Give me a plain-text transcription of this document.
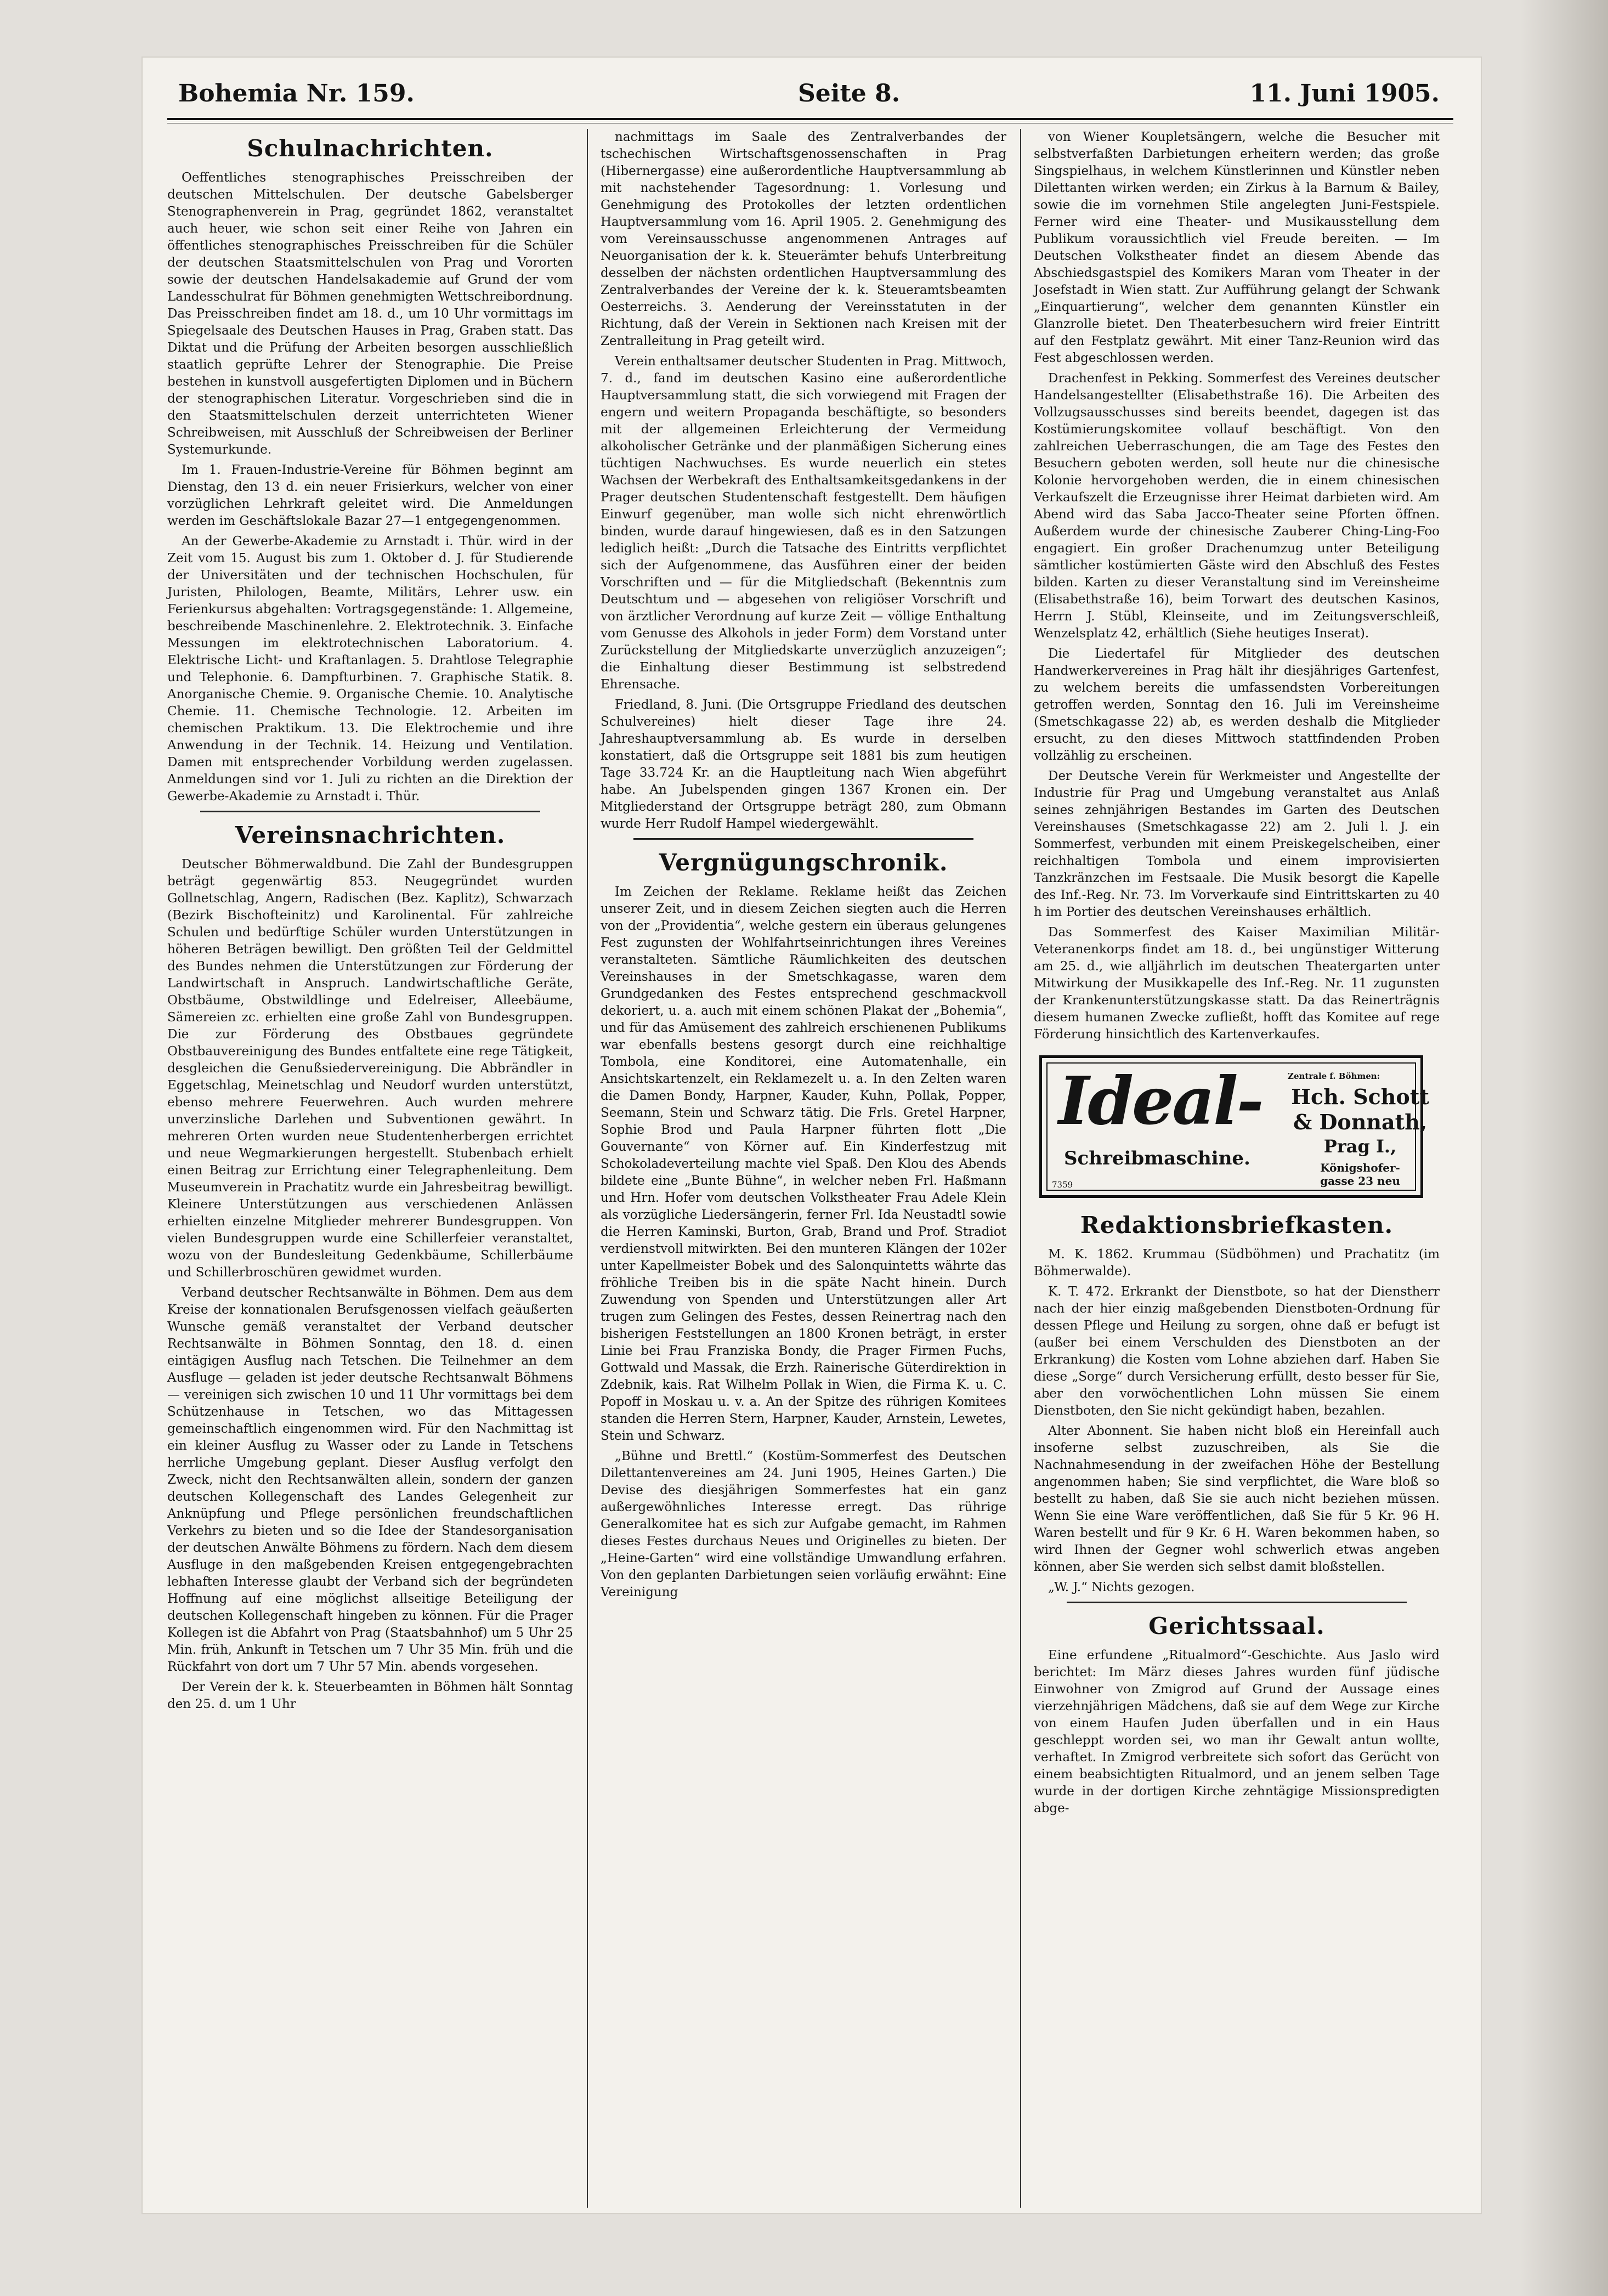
Bohemia Nr. 159.	Seite 8.	11. Juni 1905.
Schulnachrichten.

Oeffentliches stenographisches Preisschreiben der deutschen Mittelschulen. Der deutsche Gabelsberger Stenographenverein in Prag, gegründet 1862, veranstaltet auch heuer, wie schon seit einer Reihe von Jahren ein öffentliches stenographisches Preisschreiben für die Schüler der deutschen Staatsmittelschulen von Prag und Vororten sowie der deutschen Handelsakademie auf Grund der vom Landesschulrat für Böhmen genehmigten Wettschreibordnung. Das Preisschreiben findet am 18. d., um 10 Uhr vormittags im Spiegelsaale des Deutschen Hauses in Prag, Graben statt. Das Diktat und die Prüfung der Arbeiten besorgen ausschließlich staatlich geprüfte Lehrer der Stenographie. Die Preise bestehen in kunstvoll ausgefertigten Diplomen und in Büchern der stenographischen Literatur. Vorgeschrieben sind die in den Staatsmittelschulen derzeit unterrichteten Wiener Schreibweisen, mit Ausschluß der Schreibweisen der Berliner Systemurkunde.

Im 1. Frauen-Industrie-Vereine für Böhmen beginnt am Dienstag, den 13 d. ein neuer Frisierkurs, welcher von einer vorzüglichen Lehrkraft geleitet wird. Die Anmeldungen werden im Geschäftslokale Bazar 27—1 entgegengenommen.

An der Gewerbe-Akademie zu Arnstadt i. Thür. wird in der Zeit vom 15. August bis zum 1. Oktober d. J. für Studierende der Universitäten und der technischen Hochschulen, für Juristen, Philologen, Beamte, Militärs, Lehrer usw. ein Ferienkursus abgehalten: Vortragsgegenstände: 1. Allgemeine, beschreibende Maschinenlehre. 2. Elektrotechnik. 3. Einfache Messungen im elektrotechnischen Laboratorium. 4. Elektrische Licht- und Kraftanlagen. 5. Drahtlose Telegraphie und Telephonie. 6. Dampfturbinen. 7. Graphische Statik. 8. Anorganische Chemie. 9. Organische Chemie. 10. Analytische Chemie. 11. Chemische Technologie. 12. Arbeiten im chemischen Praktikum. 13. Die Elektrochemie und ihre Anwendung in der Technik. 14. Heizung und Ventilation. Damen mit entsprechender Vorbildung werden zugelassen. Anmeldungen sind vor 1. Juli zu richten an die Direktion der Gewerbe-Akademie zu Arnstadt i. Thür.

Vereinsnachrichten.

Deutscher Böhmerwaldbund. Die Zahl der Bundesgruppen beträgt gegenwärtig 853. Neugegründet wurden Gollnetschlag, Angern, Radischen (Bez. Kaplitz), Schwarzach (Bezirk Bischofteinitz) und Karolinental. Für zahlreiche Schulen und bedürftige Schüler wurden Unterstützungen in höheren Beträgen bewilligt. Den größten Teil der Geldmittel des Bundes nehmen die Unterstützungen zur Förderung der Landwirtschaft in Anspruch. Landwirtschaftliche Geräte, Obstbäume, Obstwildlinge und Edelreiser, Alleebäume, Sämereien zc. erhielten eine große Zahl von Bundesgruppen. Die zur Förderung des Obstbaues gegründete Obstbauvereinigung des Bundes entfaltete eine rege Tätigkeit, desgleichen die Genußsiedervereinigung. Die Abbrändler in Eggetschlag, Meinetschlag und Neudorf wurden unterstützt, ebenso mehrere Feuerwehren. Auch wurden mehrere unverzinsliche Darlehen und Subventionen gewährt. In mehreren Orten wurden neue Studentenherbergen errichtet und neue Wegmarkierungen hergestellt. Stubenbach erhielt einen Beitrag zur Errichtung einer Telegraphenleitung. Dem Museumverein in Prachatitz wurde ein Jahresbeitrag bewilligt. Kleinere Unterstützungen aus verschiedenen Anlässen erhielten einzelne Mitglieder mehrerer Bundesgruppen. Von vielen Bundesgruppen wurde eine Schillerfeier veranstaltet, wozu von der Bundesleitung Gedenkbäume, Schillerbäume und Schillerbroschüren gewidmet wurden.

Verband deutscher Rechtsanwälte in Böhmen. Dem aus dem Kreise der konnationalen Berufsgenossen vielfach geäußerten Wunsche gemäß veranstaltet der Verband deutscher Rechtsanwälte in Böhmen Sonntag, den 18. d. einen eintägigen Ausflug nach Tetschen. Die Teilnehmer an dem Ausfluge — geladen ist jeder deutsche Rechtsanwalt Böhmens — vereinigen sich zwischen 10 und 11 Uhr vormittags bei dem Schützenhause in Tetschen, wo das Mittagessen gemeinschaftlich eingenommen wird. Für den Nachmittag ist ein kleiner Ausflug zu Wasser oder zu Lande in Tetschens herrliche Umgebung geplant. Dieser Ausflug verfolgt den Zweck, nicht den Rechtsanwälten allein, sondern der ganzen deutschen Kollegenschaft des Landes Gelegenheit zur Anknüpfung und Pflege persönlichen freundschaftlichen Verkehrs zu bieten und so die Idee der Standesorganisation der deutschen Anwälte Böhmens zu fördern. Nach dem diesem Ausfluge in den maßgebenden Kreisen entgegengebrachten lebhaften Interesse glaubt der Verband sich der begründeten Hoffnung auf eine möglichst allseitige Beteiligung der deutschen Kollegenschaft hingeben zu können. Für die Prager Kollegen ist die Abfahrt von Prag (Staatsbahnhof) um 5 Uhr 25 Min. früh, Ankunft in Tetschen um 7 Uhr 35 Min. früh und die Rückfahrt von dort um 7 Uhr 57 Min. abends vorgesehen.

Der Verein der k. k. Steuerbeamten in Böhmen hält Sonntag den 25. d. um 1 Uhr

nachmittags im Saale des Zentralverbandes der tschechischen Wirtschaftsgenossenschaften in Prag (Hibernergasse) eine außerordentliche Hauptversammlung ab mit nachstehender Tagesordnung: 1. Vorlesung und Genehmigung des Protokolles der letzten ordentlichen Hauptversammlung vom 16. April 1905. 2. Genehmigung des vom Vereinsausschusse angenommenen Antrages auf Neuorganisation der k. k. Steuerämter behufs Unterbreitung desselben der nächsten ordentlichen Hauptversammlung des Zentralverbandes der Vereine der k. k. Steueramtsbeamten Oesterreichs. 3. Aenderung der Vereinsstatuten in der Richtung, daß der Verein in Sektionen nach Kreisen mit der Zentralleitung in Prag geteilt wird.

Verein enthaltsamer deutscher Studenten in Prag. Mittwoch, 7. d., fand im deutschen Kasino eine außerordentliche Hauptversammlung statt, die sich vorwiegend mit Fragen der engern und weitern Propaganda beschäftigte, so besonders mit der allgemeinen Erleichterung der Vermeidung alkoholischer Getränke und der planmäßigen Sicherung eines tüchtigen Nachwuchses. Es wurde neuerlich ein stetes Wachsen der Werbekraft des Enthaltsamkeitsgedankens in der Prager deutschen Studentenschaft festgestellt. Dem häufigen Einwurf gegenüber, man wolle sich nicht ehrenwörtlich binden, wurde darauf hingewiesen, daß es in den Satzungen lediglich heißt: „Durch die Tatsache des Eintritts verpflichtet sich der Aufgenommene, das Ausführen einer der beiden Vorschriften und — für die Mitgliedschaft (Bekenntnis zum Deutschtum und — abgesehen von religiöser Vorschrift und von ärztlicher Verordnung auf kurze Zeit — völlige Enthaltung vom Genusse des Alkohols in jeder Form) dem Vorstand unter Zurückstellung der Mitgliedskarte unverzüglich anzuzeigen“; die Einhaltung dieser Bestimmung ist selbstredend Ehrensache.

Friedland, 8. Juni. (Die Ortsgruppe Friedland des deutschen Schulvereines) hielt dieser Tage ihre 24. Jahreshauptversammlung ab. Es wurde in derselben konstatiert, daß die Ortsgruppe seit 1881 bis zum heutigen Tage 33.724 Kr. an die Hauptleitung nach Wien abgeführt habe. An Jubelspenden gingen 1367 Kronen ein. Der Mitgliederstand der Ortsgruppe beträgt 280, zum Obmann wurde Herr Rudolf Hampel wiedergewählt.

Vergnügungschronik.

Im Zeichen der Reklame. Reklame heißt das Zeichen unserer Zeit, und in diesem Zeichen siegten auch die Herren von der „Providentia“, welche gestern ein überaus gelungenes Fest zugunsten der Wohlfahrtseinrichtungen ihres Vereines veranstalteten. Sämtliche Räumlichkeiten des deutschen Vereinshauses in der Smetschkagasse, waren dem Grundgedanken des Festes entsprechend geschmackvoll dekoriert, u. a. auch mit einem schönen Plakat der „Bohemia“, und für das Amüsement des zahlreich erschienenen Publikums war ebenfalls bestens gesorgt durch eine reichhaltige Tombola, eine Konditorei, eine Automatenhalle, ein Ansichtskartenzelt, ein Reklamezelt u. a. In den Zelten waren die Damen Bondy, Harpner, Kauder, Kuhn, Pollak, Popper, Seemann, Stein und Schwarz tätig. Die Frls. Gretel Harpner, Sophie Brod und Paula Harpner führten flott „Die Gouvernante“ von Körner auf. Ein Kinderfestzug mit Schokoladeverteilung machte viel Spaß. Den Klou des Abends bildete eine „Bunte Bühne“, in welcher neben Frl. Haßmann und Hrn. Hofer vom deutschen Volkstheater Frau Adele Klein als vorzügliche Liedersängerin, ferner Frl. Ida Neustadtl sowie die Herren Kaminski, Burton, Grab, Brand und Prof. Stradiot verdienstvoll mitwirkten. Bei den munteren Klängen der 102er unter Kapellmeister Bobek und des Salonquintetts währte das fröhliche Treiben bis in die späte Nacht hinein. Durch Zuwendung von Spenden und Unterstützungen aller Art trugen zum Gelingen des Festes, dessen Reinertrag nach den bisherigen Feststellungen an 1800 Kronen beträgt, in erster Linie bei Frau Franziska Bondy, die Prager Firmen Fuchs, Gottwald und Massak, die Erzh. Rainerische Güterdirektion in Zdebnik, kais. Rat Wilhelm Pollak in Wien, die Firma K. u. C. Popoff in Moskau u. v. a. An der Spitze des rührigen Komitees standen die Herren Stern, Harpner, Kauder, Arnstein, Lewetes, Stein und Schwarz.

„Bühne und Brettl.“ (Kostüm-Sommerfest des Deutschen Dilettantenvereines am 24. Juni 1905, Heines Garten.) Die Devise des diesjährigen Sommerfestes hat ein ganz außergewöhnliches Interesse erregt. Das rührige Generalkomitee hat es sich zur Aufgabe gemacht, im Rahmen dieses Festes durchaus Neues und Originelles zu bieten. Der „Heine-Garten“ wird eine vollständige Umwandlung erfahren. Von den geplanten Darbietungen seien vorläufig erwähnt: Eine Vereinigung

von Wiener Koupletsängern, welche die Besucher mit selbstverfaßten Darbietungen erheitern werden; das große Singspielhaus, in welchem Künstlerinnen und Künstler neben Dilettanten wirken werden; ein Zirkus à la Barnum & Bailey, sowie die im vornehmen Stile angelegten Juni-Festspiele. Ferner wird eine Theater- und Musikausstellung dem Publikum voraussichtlich viel Freude bereiten. — Im Deutschen Volkstheater findet an diesem Abende das Abschiedsgastspiel des Komikers Maran vom Theater in der Josefstadt in Wien statt. Zur Aufführung gelangt der Schwank „Einquartierung“, welcher dem genannten Künstler ein Glanzrolle bietet. Den Theaterbesuchern wird freier Eintritt auf den Festplatz gewährt. Mit einer Tanz-Reunion wird das Fest abgeschlossen werden.

Drachenfest in Pekking. Sommerfest des Vereines deutscher Handelsangestellter (Elisabethstraße 16). Die Arbeiten des Vollzugsausschusses sind bereits beendet, dagegen ist das Kostümierungskomitee vollauf beschäftigt. Von den zahlreichen Ueberraschungen, die am Tage des Festes den Besuchern geboten werden, soll heute nur die chinesische Kolonie hervorgehoben werden, die in einem chinesischen Verkaufszelt die Erzeugnisse ihrer Heimat darbieten wird. Am Abend wird das Saba Jacco-Theater seine Pforten öffnen. Außerdem wurde der chinesische Zauberer Ching-Ling-Foo engagiert. Ein großer Drachenumzug unter Beteiligung sämtlicher kostümierten Gäste wird den Abschluß des Festes bilden. Karten zu dieser Veranstaltung sind im Vereinsheime (Elisabethstraße 16), beim Torwart des deutschen Kasinos, Herrn J. Stübl, Kleinseite, und im Zeitungsverschleiß, Wenzelsplatz 42, erhältlich (Siehe heutiges Inserat).

Die Liedertafel für Mitglieder des deutschen Handwerkervereines in Prag hält ihr diesjähriges Gartenfest, zu welchem bereits die umfassendsten Vorbereitungen getroffen werden, Sonntag den 16. Juli im Vereinsheime (Smetschkagasse 22) ab, es werden deshalb die Mitglieder ersucht, zu den dieses Mittwoch stattfindenden Proben vollzählig zu erscheinen.

Der Deutsche Verein für Werkmeister und Angestellte der Industrie für Prag und Umgebung veranstaltet aus Anlaß seines zehnjährigen Bestandes im Garten des Deutschen Vereinshauses (Smetschkagasse 22) am 2. Juli l. J. ein Sommerfest, verbunden mit einem Preiskegelscheiben, einer reichhaltigen Tombola und einem improvisierten Tanzkränzchen im Festsaale. Die Musik besorgt die Kapelle des Inf.-Reg. Nr. 73. Im Vorverkaufe sind Eintrittskarten zu 40 h im Portier des deutschen Vereinshauses erhältlich.

Das Sommerfest des Kaiser Maximilian Militär-Veteranenkorps findet am 18. d., bei ungünstiger Witterung am 25. d., wie alljährlich im deutschen Theatergarten unter Mitwirkung der Musikkapelle des Inf.-Reg. Nr. 11 zugunsten der Krankenunterstützungskasse statt. Da das Reinerträgnis diesem humanen Zwecke zufließt, hofft das Komitee auf rege Förderung hinsichtlich des Kartenverkaufes.

Ideal-
Schreibmaschine.
Zentrale f. Böhmen:
Hch. Schott
& Donnath,
Prag I.,
Königshofer-
gasse 23 neu
7359
Redaktionsbriefkasten.

M. K. 1862. Krummau (Südböhmen) und Prachatitz (im Böhmerwalde).

K. T. 472. Erkrankt der Dienstbote, so hat der Dienstherr nach der hier einzig maßgebenden Dienstboten-Ordnung für dessen Pflege und Heilung zu sorgen, ohne daß er befugt ist (außer bei einem Verschulden des Dienstboten an der Erkrankung) die Kosten vom Lohne abziehen darf. Haben Sie diese „Sorge“ durch Versicherung erfüllt, desto besser für Sie, aber den vorwöchentlichen Lohn müssen Sie einem Dienstboten, den Sie nicht gekündigt haben, bezahlen.

Alter Abonnent. Sie haben nicht bloß ein Hereinfall auch insoferne selbst zuzuschreiben, als Sie die Nachnahmesendung in der zweifachen Höhe der Bestellung angenommen haben; Sie sind verpflichtet, die Ware bloß so bestellt zu haben, daß Sie sie auch nicht beziehen müssen. Wenn Sie eine Ware veröffentlichen, daß Sie für 5 Kr. 96 H. Waren bestellt und für 9 Kr. 6 H. Waren bekommen haben, so wird Ihnen der Gegner wohl schwerlich etwas angeben können, aber Sie werden sich selbst damit bloßstellen.

„W. J.“ Nichts gezogen.

Gerichtssaal.

Eine erfundene „Ritualmord“-Geschichte. Aus Jaslo wird berichtet: Im März dieses Jahres wurden fünf jüdische Einwohner von Zmigrod auf Grund der Aussage eines vierzehnjährigen Mädchens, daß sie auf dem Wege zur Kirche von einem Haufen Juden überfallen und in ein Haus geschleppt worden sei, wo man ihr Gewalt antun wollte, verhaftet. In Zmigrod verbreitete sich sofort das Gerücht von einem beabsichtigten Ritualmord, und an jenem selben Tage wurde in der dortigen Kirche zehntägige Missionspredigten abge-
